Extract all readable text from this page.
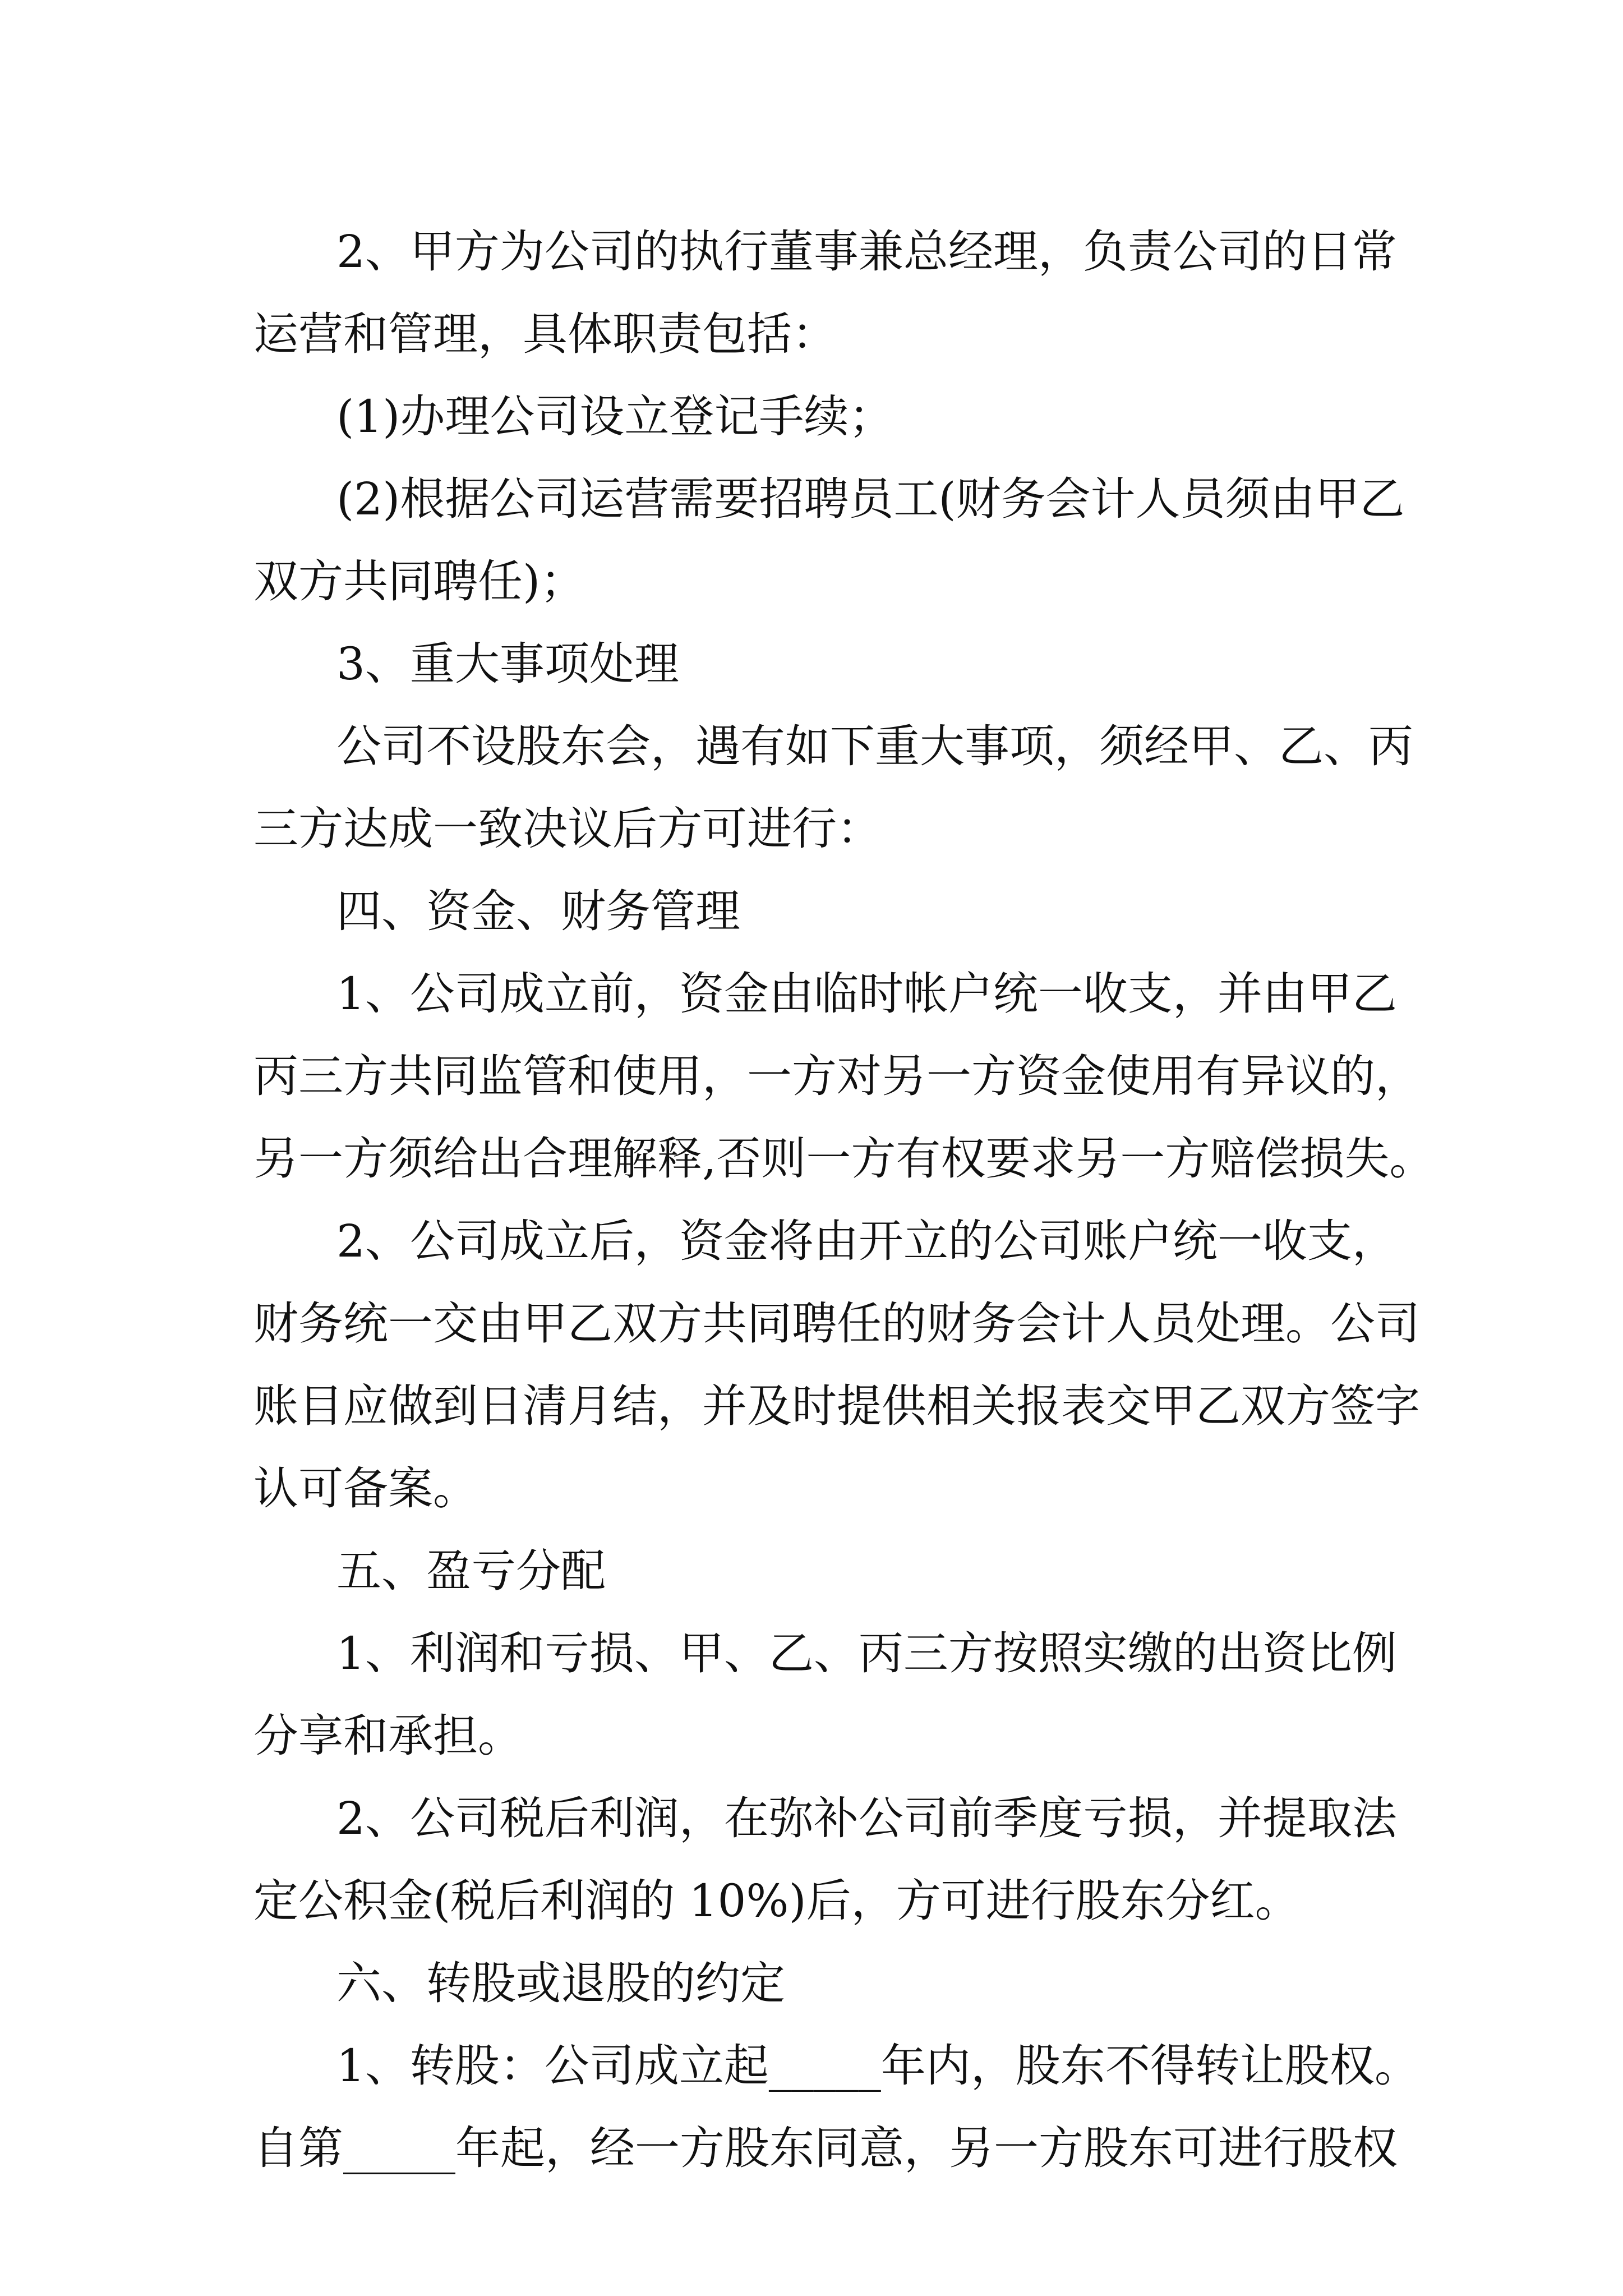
2、甲方为公司的执行董事兼总经理，负责公司的日常

运营和管理，具体职责包括：

(1)办理公司设立登记手续；

(2)根据公司运营需要招聘员工(财务会计人员须由甲乙

双方共同聘任)；

3、重大事项处理

公司不设股东会，遇有如下重大事项，须经甲、乙、丙

三方达成一致决议后方可进行：

四、资金、财务管理

1、公司成立前，资金由临时帐户统一收支，并由甲乙

丙三方共同监管和使用，一方对另一方资金使用有异议的，

另一方须给出合理解释,否则一方有权要求另一方赔偿损失。

2、公司成立后，资金将由开立的公司账户统一收支，

财务统一交由甲乙双方共同聘任的财务会计人员处理。公司

账目应做到日清月结，并及时提供相关报表交甲乙双方签字

认可备案。

五、盈亏分配

1、利润和亏损、甲、乙、丙三方按照实缴的出资比例

分享和承担。

2、公司税后利润，在弥补公司前季度亏损，并提取法

定公积金(税后利润的 10%)后，方可进行股东分红。

六、转股或退股的约定

1、转股：公司成立起_____年内，股东不得转让股权。

自第_____年起，经一方股东同意，另一方股东可进行股权
